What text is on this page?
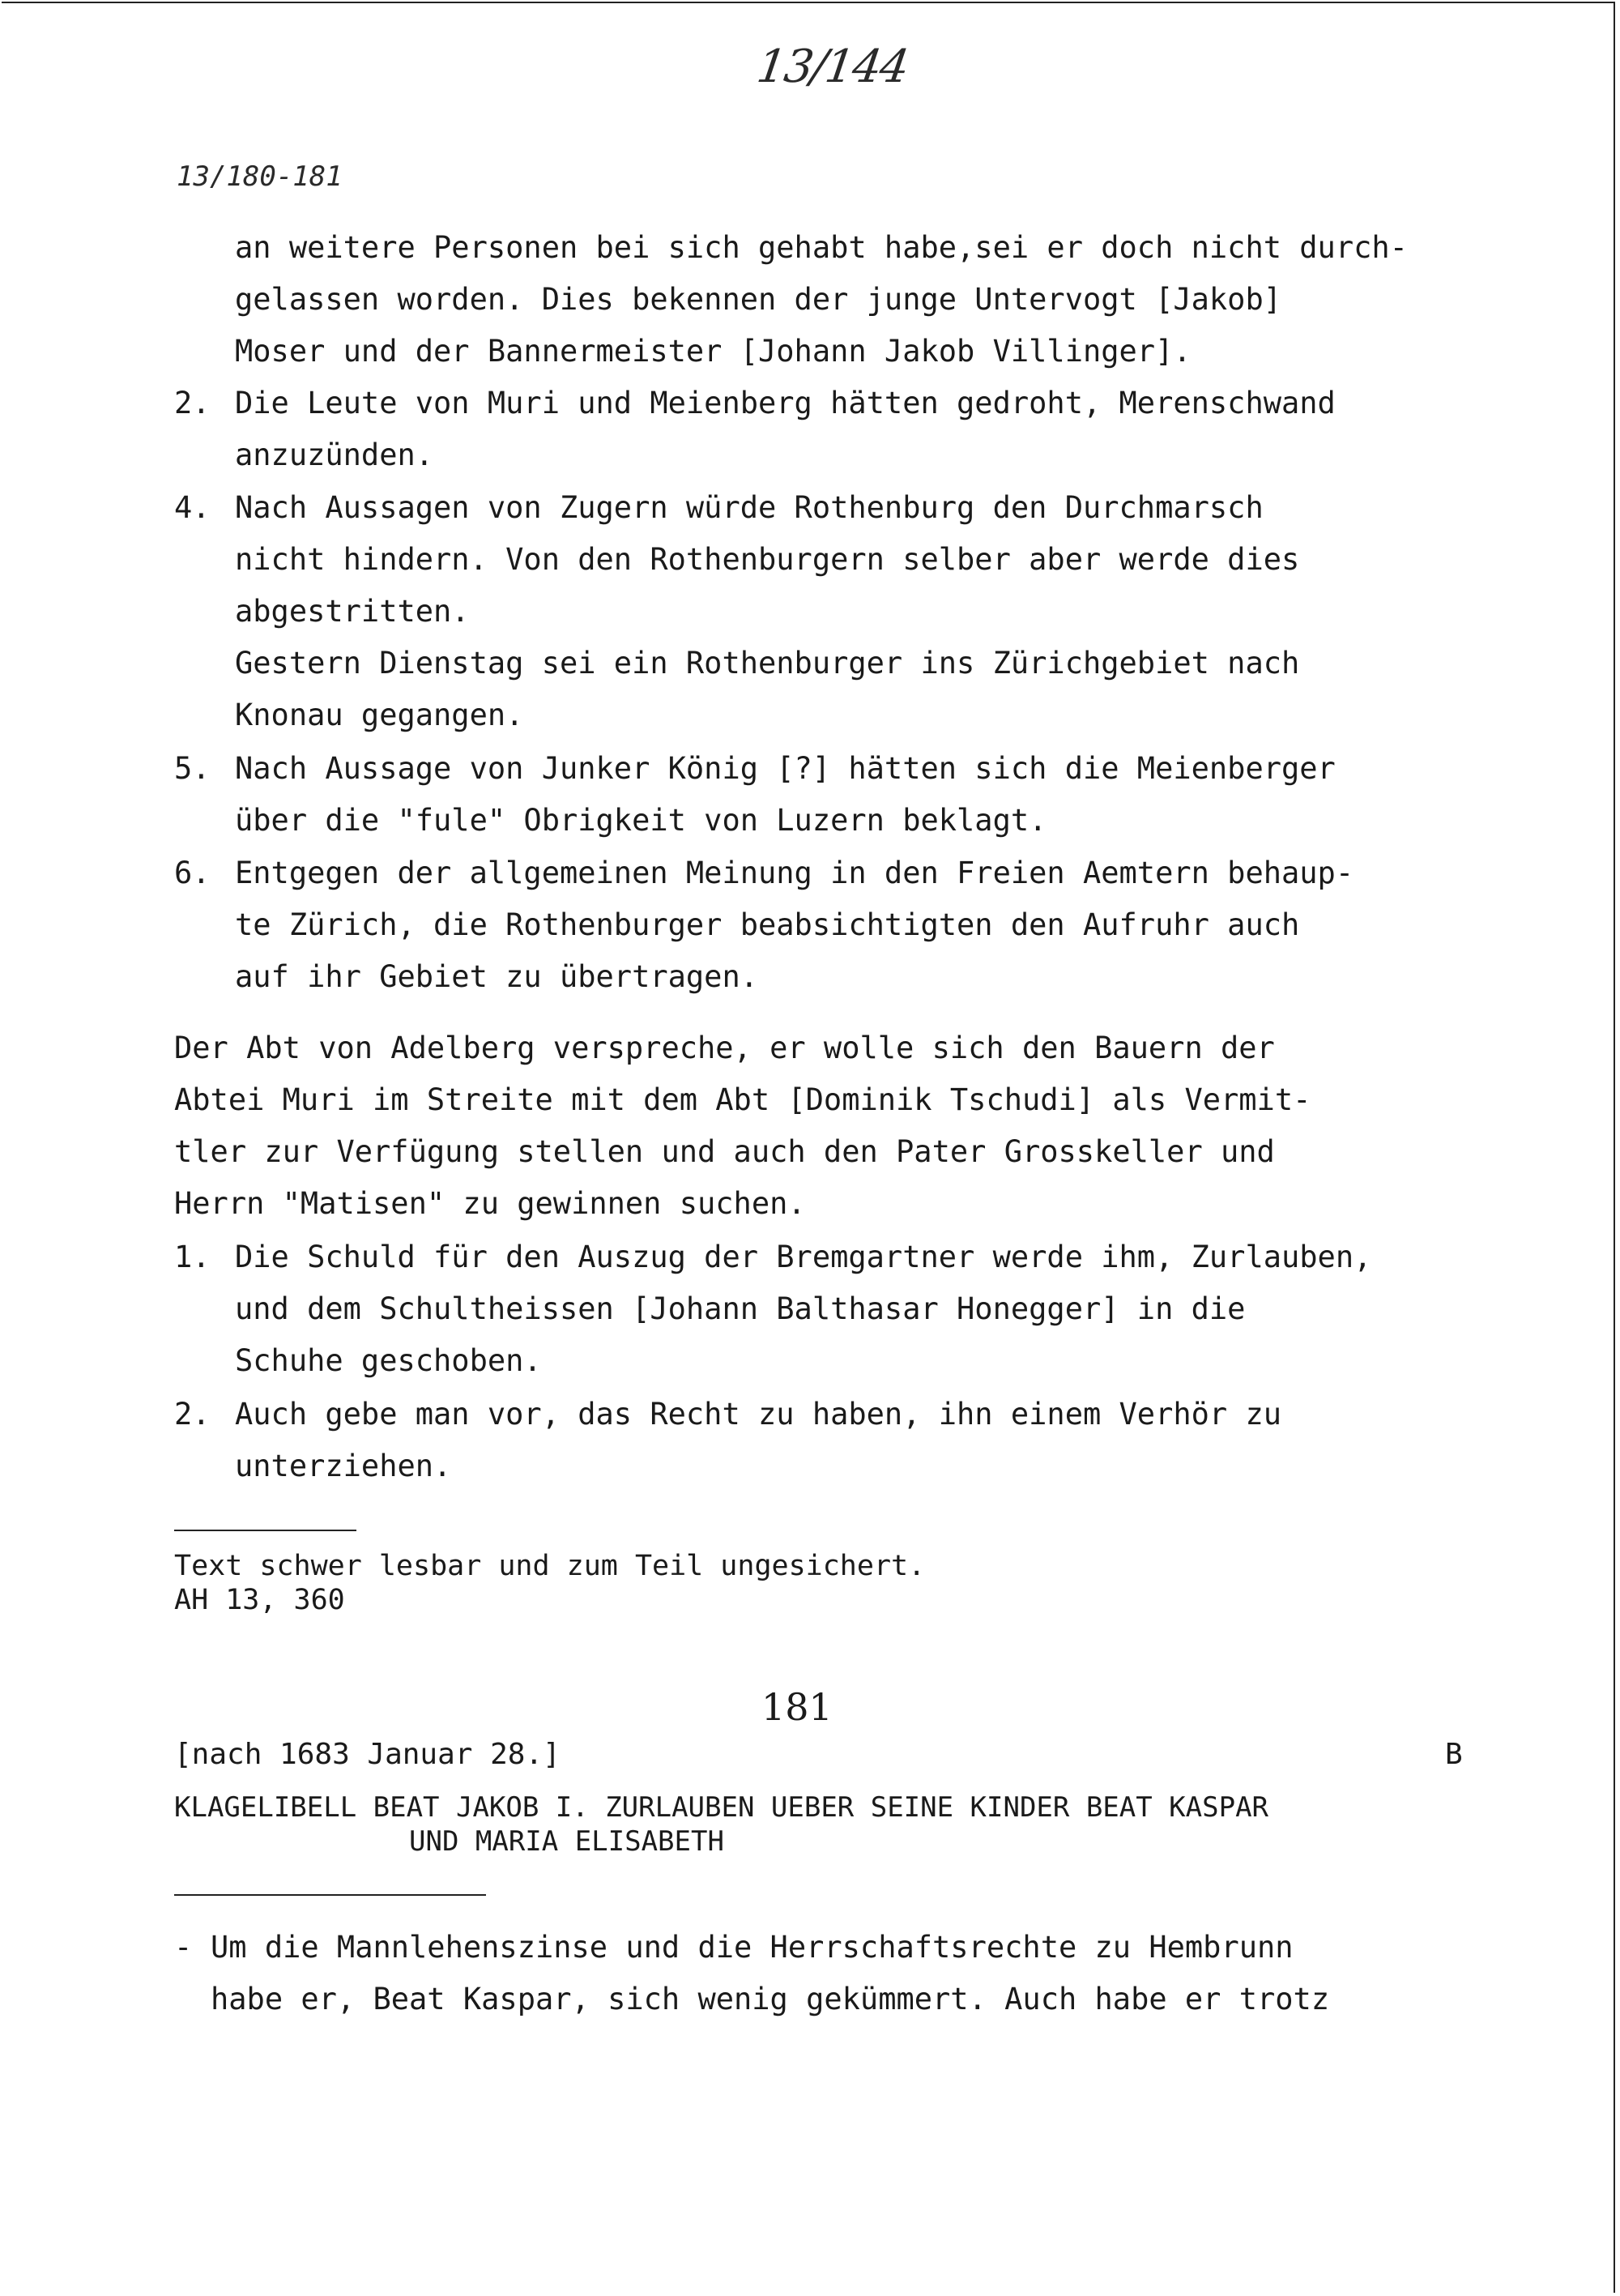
13/144
13/180-181
an weitere Personen bei sich gehabt habe,sei er doch nicht durch-
gelassen worden. Dies bekennen der junge Untervogt [Jakob]
Moser und der Bannermeister [Johann Jakob Villinger].
2. Die Leute von Muri und Meienberg hätten gedroht, Merenschwand
anzuzünden.
4. Nach Aussagen von Zugern würde Rothenburg den Durchmarsch
nicht hindern. Von den Rothenburgern selber aber werde dies
abgestritten.
Gestern Dienstag sei ein Rothenburger ins Zürichgebiet nach
Knonau gegangen.
5. Nach Aussage von Junker König [?] hätten sich die Meienberger
über die "fule" Obrigkeit von Luzern beklagt.
6. Entgegen der allgemeinen Meinung in den Freien Aemtern behaup-
te Zürich, die Rothenburger beabsichtigten den Aufruhr auch
auf ihr Gebiet zu übertragen.
Der Abt von Adelberg verspreche, er wolle sich den Bauern der
Abtei Muri im Streite mit dem Abt [Dominik Tschudi] als Vermit-
tler zur Verfügung stellen und auch den Pater Grosskeller und
Herrn "Matisen" zu gewinnen suchen.
1. Die Schuld für den Auszug der Bremgartner werde ihm, Zurlauben,
und dem Schultheissen [Johann Balthasar Honegger] in die
Schuhe geschoben.
2. Auch gebe man vor, das Recht zu haben, ihn einem Verhör zu
unterziehen.
Text schwer lesbar und zum Teil ungesichert.
AH 13, 360
181
[nach 1683 Januar 28.]	B
KLAGELIBELL BEAT JAKOB I. ZURLAUBEN UEBER SEINE KINDER BEAT KASPAR
UND MARIA ELISABETH
- Um die Mannlehenszinse und die Herrschaftsrechte zu Hembrunn
habe er, Beat Kaspar, sich wenig gekümmert. Auch habe er trotz
